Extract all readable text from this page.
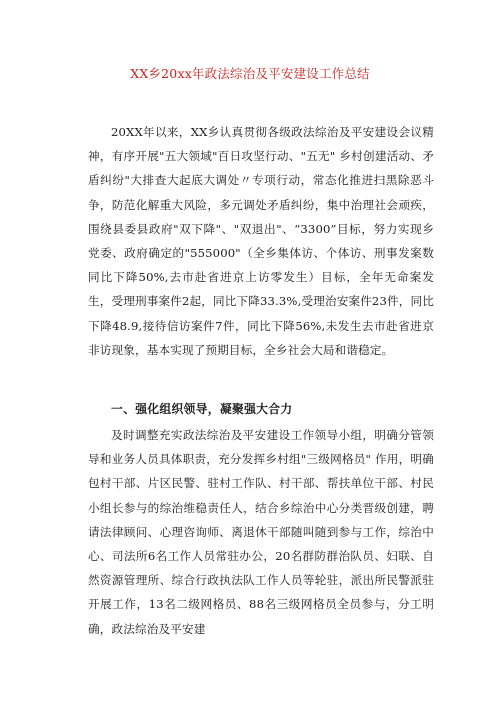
XX乡20xx年政法综治及平安建设工作总结

20XX年以来，XX乡认真贯彻各级政法综治及平安建设会议精神，有序开展"五大领域"百日攻坚行动、"五无" 乡村创建活动、矛盾纠纷"大排查大起底大调处〃专项行动，常态化推进扫黑除恶斗争，防范化解重大风险，多元调处矛盾纠纷，集中治理社会顽疾，围绕县委县政府"双下降"、"双退出"、“3300”目标，努力实现乡党委、政府确定的"555000"（全乡集体访、个体访、刑事发案数同比下降50%,去市赴省进京上访零发生）目标，全年无命案发生，受理刑事案件2起，同比下降33.3%,受理治安案件23件，同比下降48.9,接待信访案件7件，同比下降56%,未发生去市赴省进京非访现象，基本实现了预期目标，全乡社会大局和谐稳定。

一、强化组织领导，凝聚强大合力

及时调整充实政法综治及平安建设工作领导小组，明确分管领导和业务人员具体职责，充分发挥乡村组"三级网格员" 作用，明确包村干部、片区民警、驻村工作队、村干部、帮扶单位干部、村民小组长参与的综治维稳责任人，结合乡综治中心分类晋级创建，聘请法律顾问、心理咨询师、离退休干部随叫随到参与工作，综治中心、司法所6名工作人员常驻办公，20名群防群治队员、妇联、自然资源管理所、综合行政执法队工作人员等轮驻，派出所民警派驻开展工作，13名二级网格员、88名三级网格员全员参与，分工明确，政法综治及平安建
